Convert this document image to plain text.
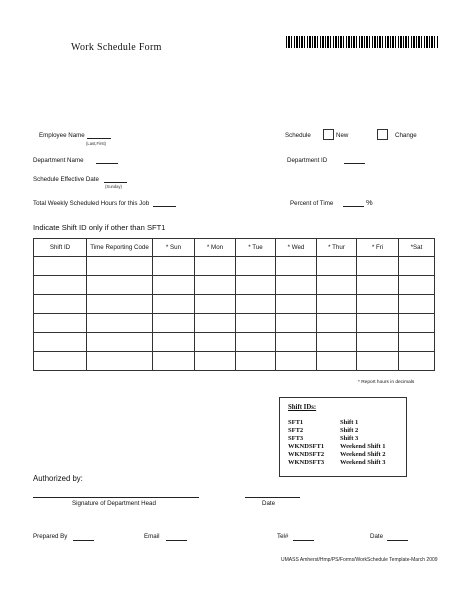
Work Schedule Form
Employee Name
(Last,First)
Schedule	New	Change
Department Name	Department ID
Schedule Effective Date
(Sunday)
Total Weekly Scheduled Hours for this Job	Percent of Time	%
Indicate Shift ID only if other than SFT1
Shift ID	Time Reporting Code	* Sun	* Mon	* Tue	* Wed	* Thur	* Fri	*Sat

* Report hours in decimals
Shift IDs:
SFT1	Shift 1
SFT2	Shift 2
SFT3	Shift 3
WKNDSFT1 Weekend Shift 1
WKNDSFT2 Weekend Shift 2
WKNDSFT3 Weekend Shift 3
Authorized by:
Signature of Department Head	Date
Prepared By	Email	Tel#	Date
UMASS Amherst/Hmp/PS/Forms/WorkSchedule Template-March 2009
